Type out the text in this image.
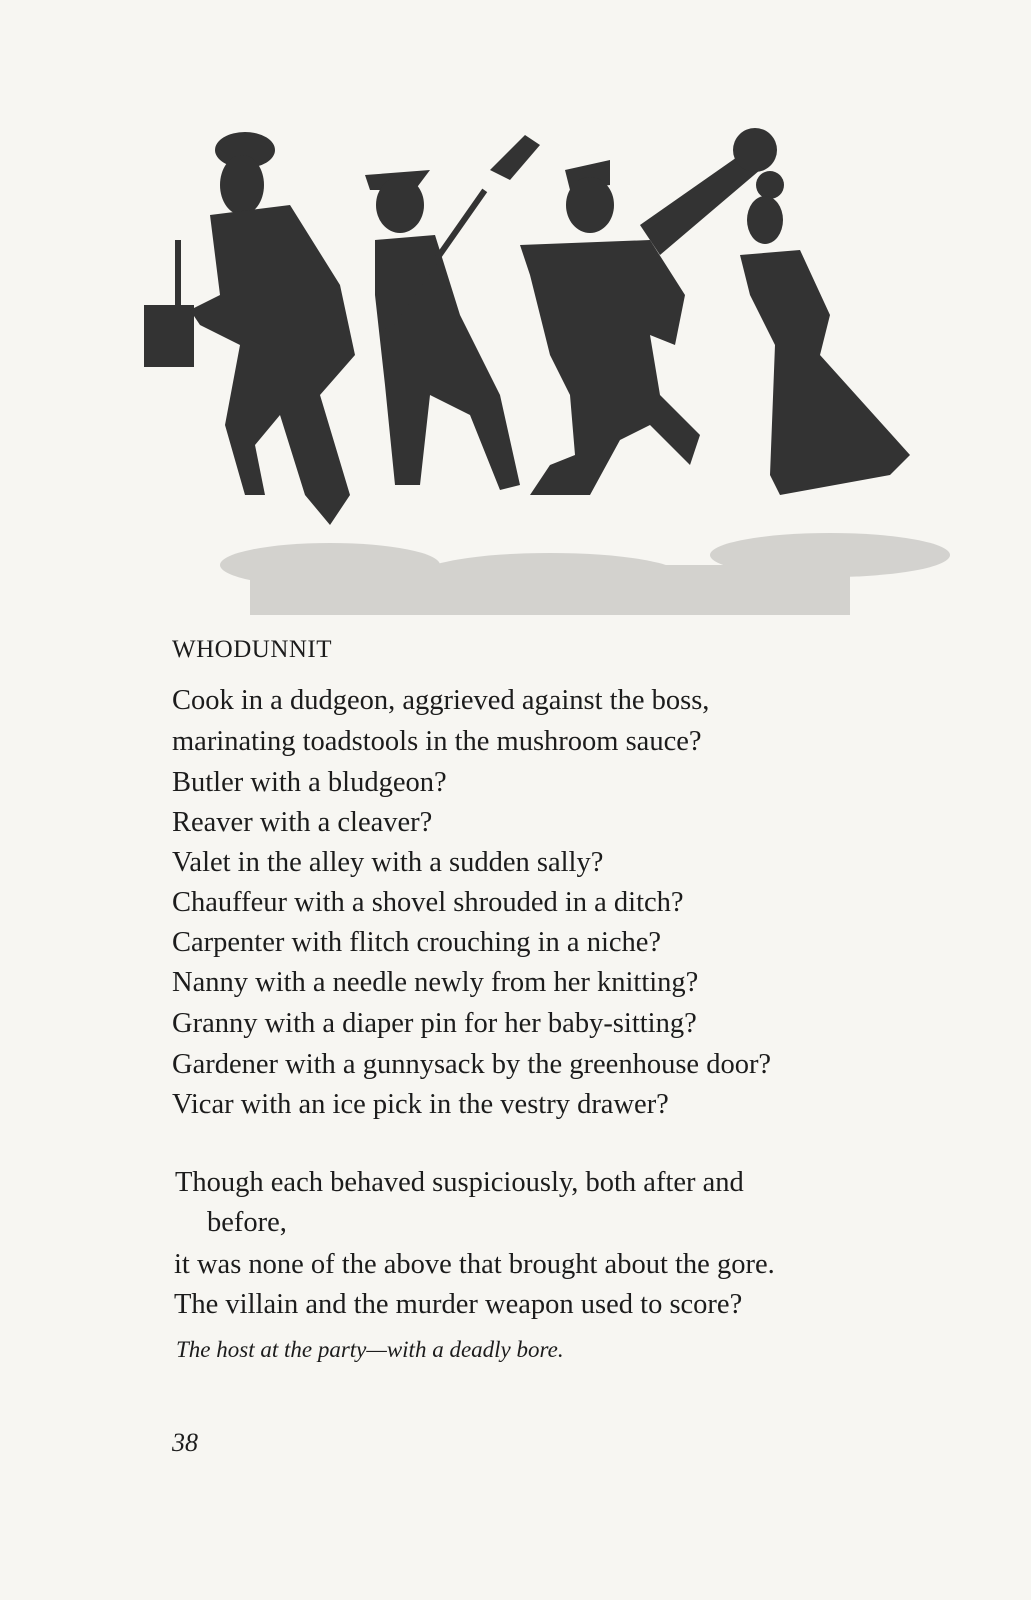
WHODUNNIT
Cook in a dudgeon, aggrieved against the boss,
marinating toadstools in the mushroom sauce?
Butler with a bludgeon?
Reaver with a cleaver?
Valet in the alley with a sudden sally?
Chauffeur with a shovel shrouded in a ditch?
Carpenter with flitch crouching in a niche?
Nanny with a needle newly from her knitting?
Granny with a diaper pin for her baby-sitting?
Gardener with a gunnysack by the greenhouse door?
Vicar with an ice pick in the vestry drawer?
Though each behaved suspiciously, both after and
before,
it was none of the above that brought about the gore.
The villain and the murder weapon used to score?
The host at the party—with a deadly bore.
38
